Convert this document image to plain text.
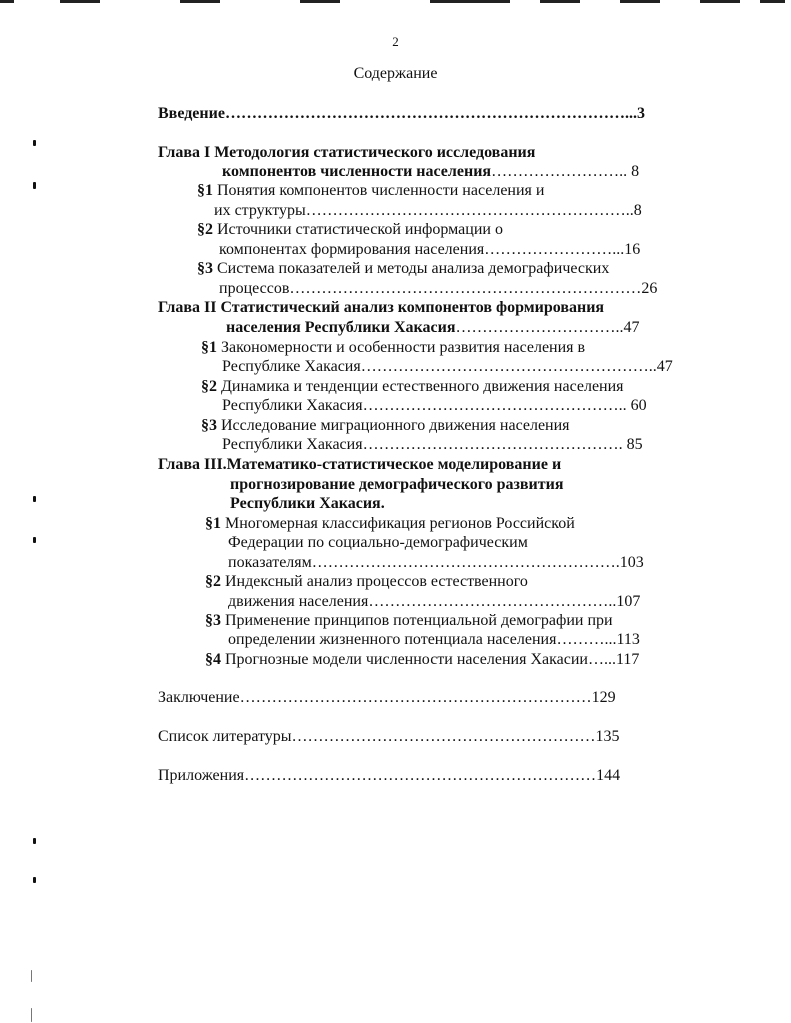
2
Содержание
Введение…………………………………………………………………...3
Глава I Методология статистического исследования
компонентов численности населения…………………….. 8
§1 Понятия компонентов численности населения и
их структуры……………………………………………………..8
§2 Источники статистической информации о
компонентах формирования населения……………………...16
§3 Система показателей и методы анализа демографических
процессов…………………………………………………………26
Глава II Статистический анализ компонентов формирования
населения Республики Хакасия…………………………..47
§1 Закономерности и особенности развития населения в
Республике Хакасия………………………………………………..47
§2 Динамика и тенденции естественного движения населения
Республики Хакасия………………………………………….. 60
§3 Исследование миграционного движения населения
Республики Хакасия…………………………………………. 85
Глава III.Математико-статистическое моделирование и
прогнозирование демографического развития
Республики Хакасия.
§1 Многомерная классификация регионов Российской
Федерации по социально-демографическим
показателям………………………………………………….103
§2 Индексный анализ процессов естественного
движения населения………………………………………..107
§3 Применение принципов потенциальной демографии при
определении жизненного потенциала населения………...113
§4 Прогнозные модели численности населения Хакасии…...117
Заключение…………………………………………………………129
Список литературы…………………………………………………135
Приложения…………………………………………………………144
